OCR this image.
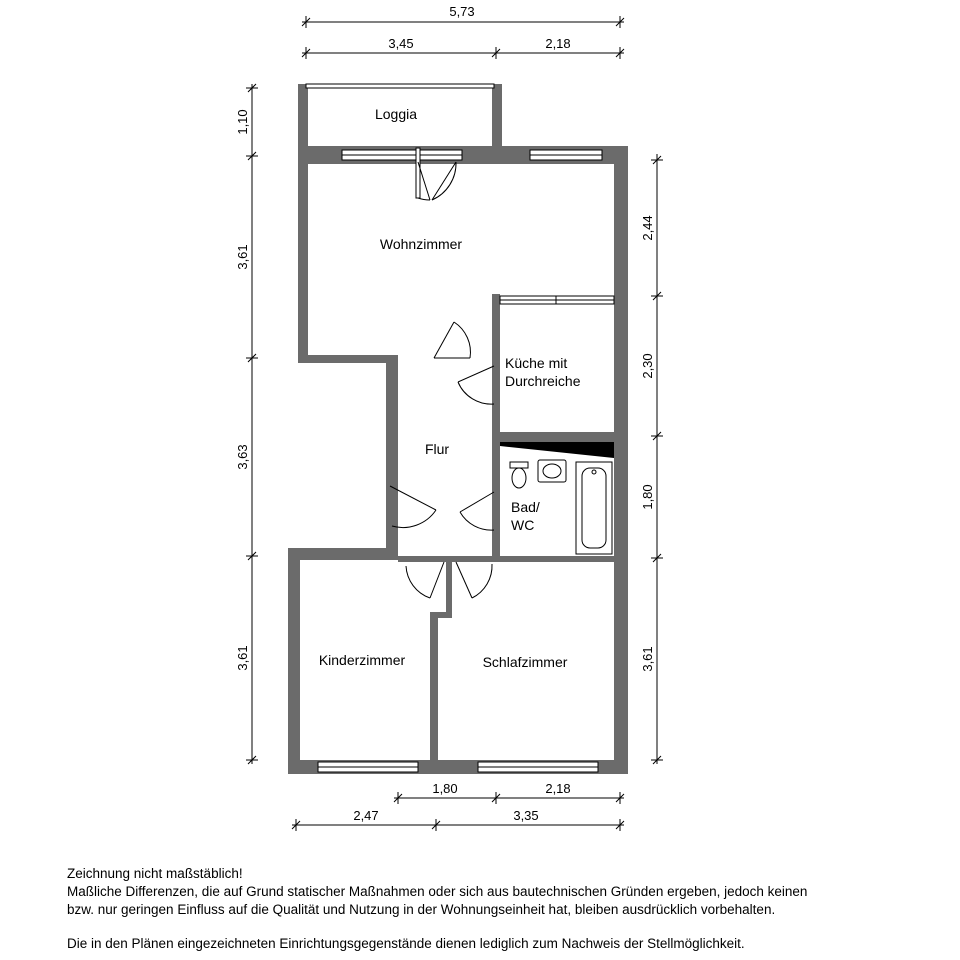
Loggia
Wohnzimmer
Küche mit
Durchreiche
Flur
Bad/
WC
Kinderzimmer	Schlafzimmer
5,73
3,45	2,18
1,10
3,61
3,63
3,61
2,44
2,30
1,80
3,61
1,80	2,18
2,47	3,35
Zeichnung nicht maßstäblich!
Maßliche Differenzen, die auf Grund statischer Maßnahmen oder sich aus bautechnischen Gründen ergeben, jedoch keinen
bzw. nur geringen Einfluss auf die Qualität und Nutzung in der Wohnungseinheit hat, bleiben ausdrücklich vorbehalten.
Die in den Plänen eingezeichneten Einrichtungsgegenstände dienen lediglich zum Nachweis der Stellmöglichkeit.
